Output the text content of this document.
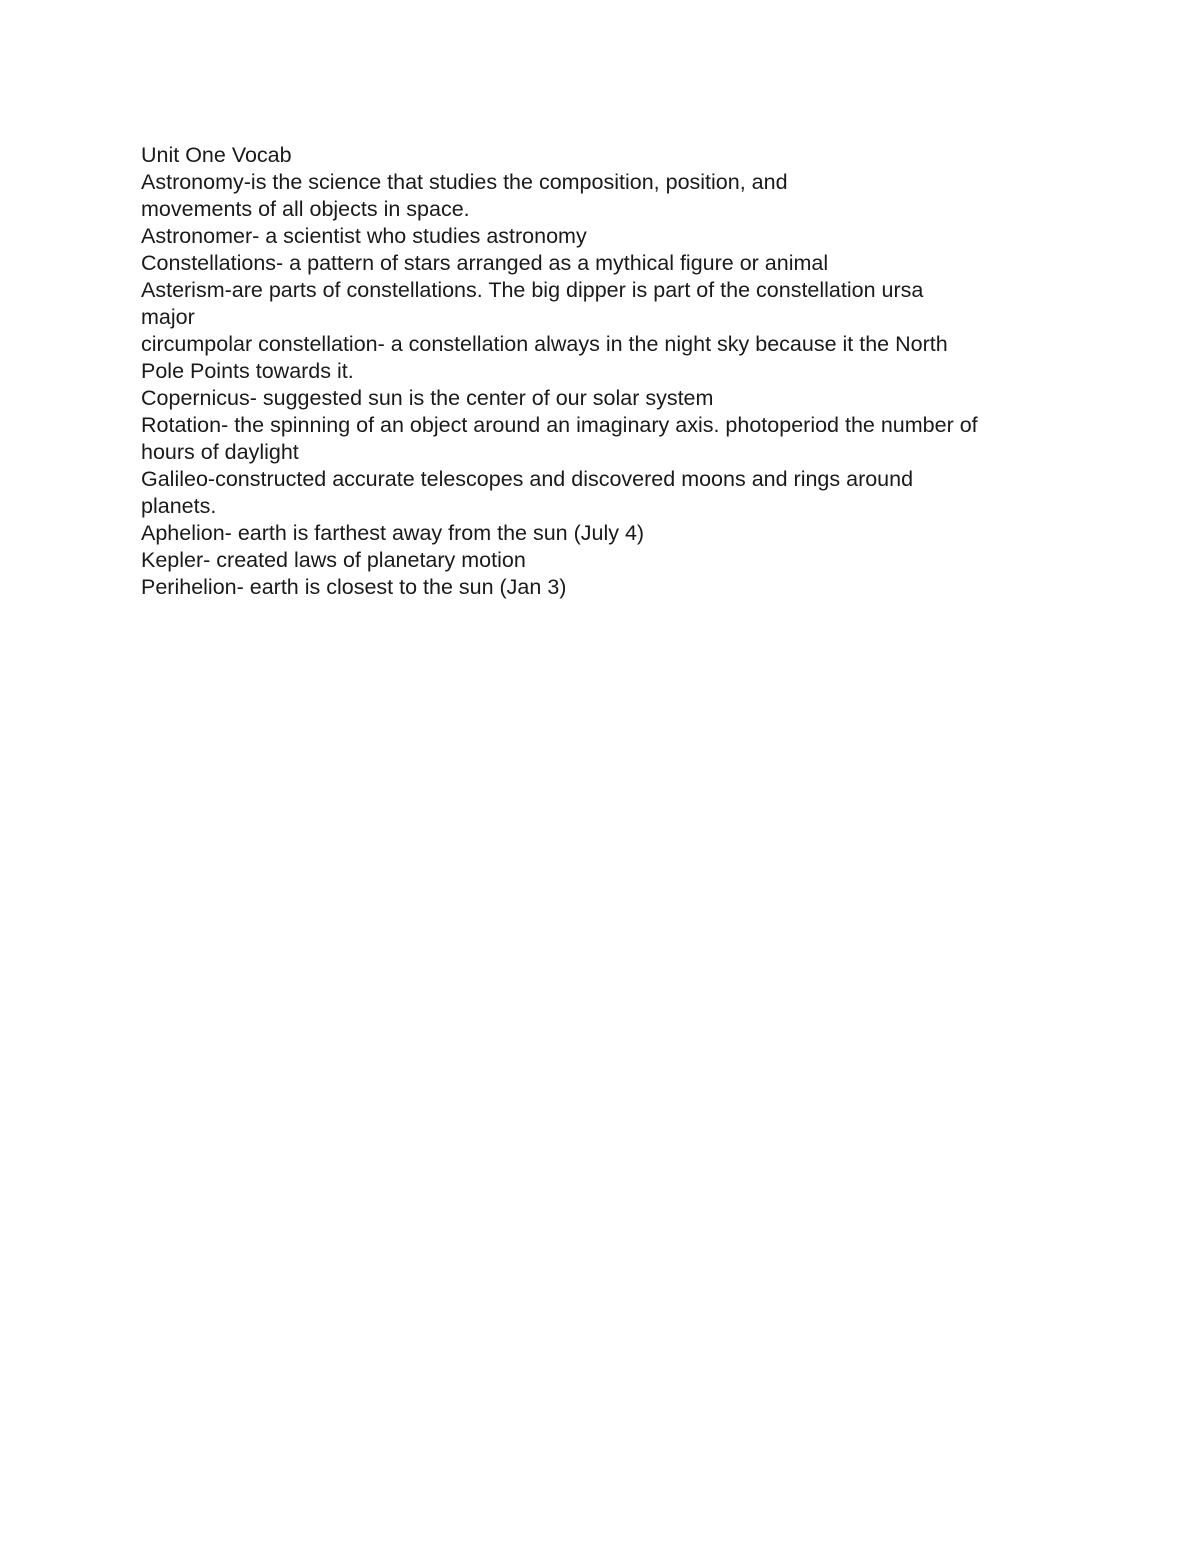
Unit One Vocab
Astronomy-is the science that studies the composition, position, and
movements of all objects in space.
Astronomer- a scientist who studies astronomy
Constellations- a pattern of stars arranged as a mythical figure or animal
Asterism-are parts of constellations. The big dipper is part of the constellation ursa
major
circumpolar constellation- a constellation always in the night sky because it the North
Pole Points towards it.
Copernicus- suggested sun is the center of our solar system
Rotation- the spinning of an object around an imaginary axis. photoperiod the number of
hours of daylight
Galileo-constructed accurate telescopes and discovered moons and rings around
planets.
Aphelion- earth is farthest away from the sun (July 4)
Kepler- created laws of planetary motion
Perihelion- earth is closest to the sun (Jan 3)
